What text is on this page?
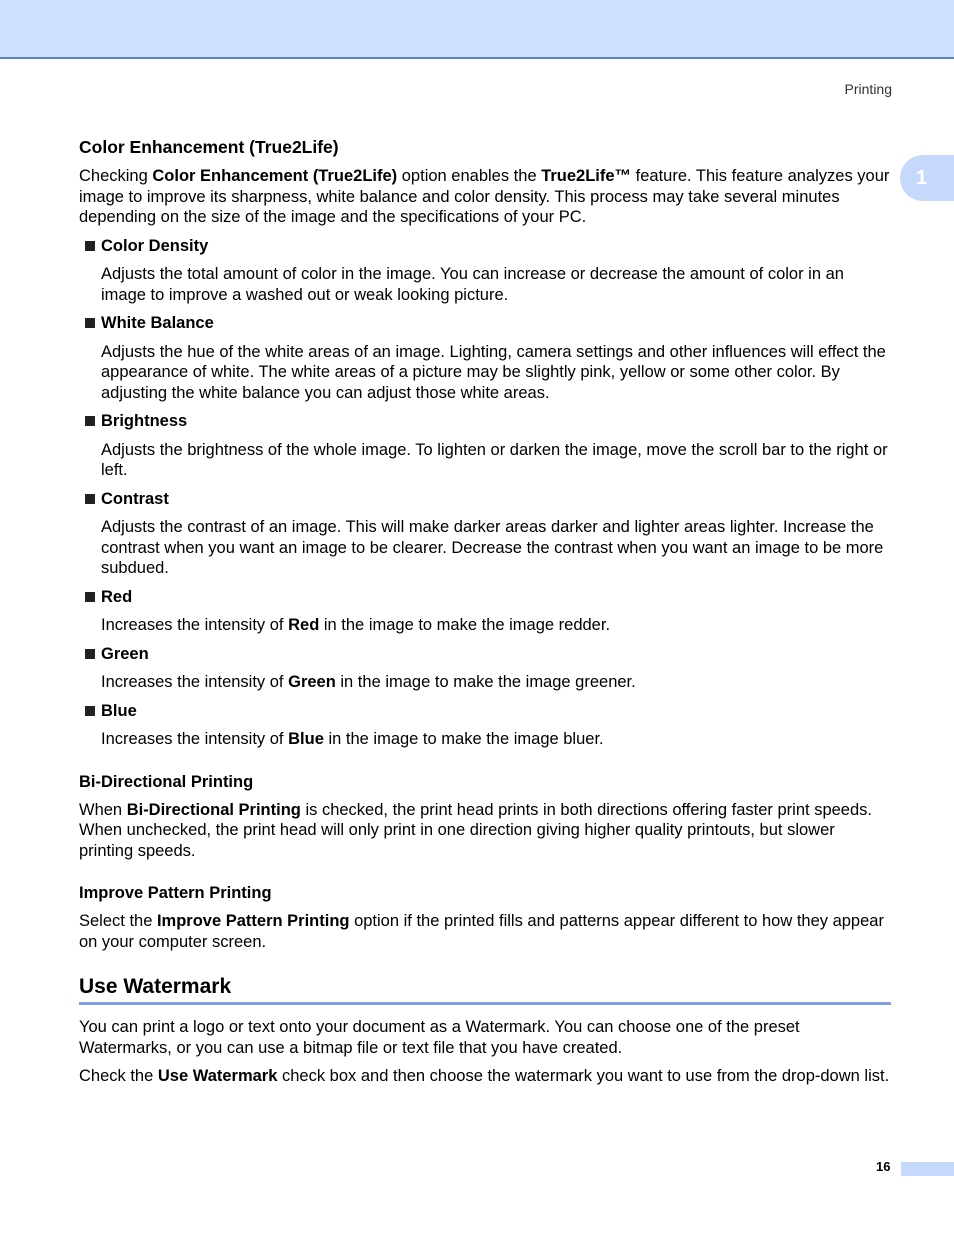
Printing
1
Color Enhancement (True2Life)

Checking Color Enhancement (True2Life) option enables the True2Life™ feature. This feature analyzes your image to improve its sharpness, white balance and color density. This process may take several minutes depending on the size of the image and the specifications of your PC.

Color Density

Adjusts the total amount of color in the image. You can increase or decrease the amount of color in an image to improve a washed out or weak looking picture.

White Balance

Adjusts the hue of the white areas of an image. Lighting, camera settings and other influences will effect the appearance of white. The white areas of a picture may be slightly pink, yellow or some other color. By adjusting the white balance you can adjust those white areas.

Brightness

Adjusts the brightness of the whole image. To lighten or darken the image, move the scroll bar to the right or left.

Contrast

Adjusts the contrast of an image. This will make darker areas darker and lighter areas lighter. Increase the contrast when you want an image to be clearer. Decrease the contrast when you want an image to be more subdued.

Red

Increases the intensity of Red in the image to make the image redder.

Green

Increases the intensity of Green in the image to make the image greener.

Blue

Increases the intensity of Blue in the image to make the image bluer.

Bi-Directional Printing

When Bi-Directional Printing is checked, the print head prints in both directions offering faster print speeds. When unchecked, the print head will only print in one direction giving higher quality printouts, but slower printing speeds.

Improve Pattern Printing

Select the Improve Pattern Printing option if the printed fills and patterns appear different to how they appear on your computer screen.

Use Watermark

You can print a logo or text onto your document as a Watermark. You can choose one of the preset Watermarks, or you can use a bitmap file or text file that you have created.

Check the Use Watermark check box and then choose the watermark you want to use from the drop-down list.

16
